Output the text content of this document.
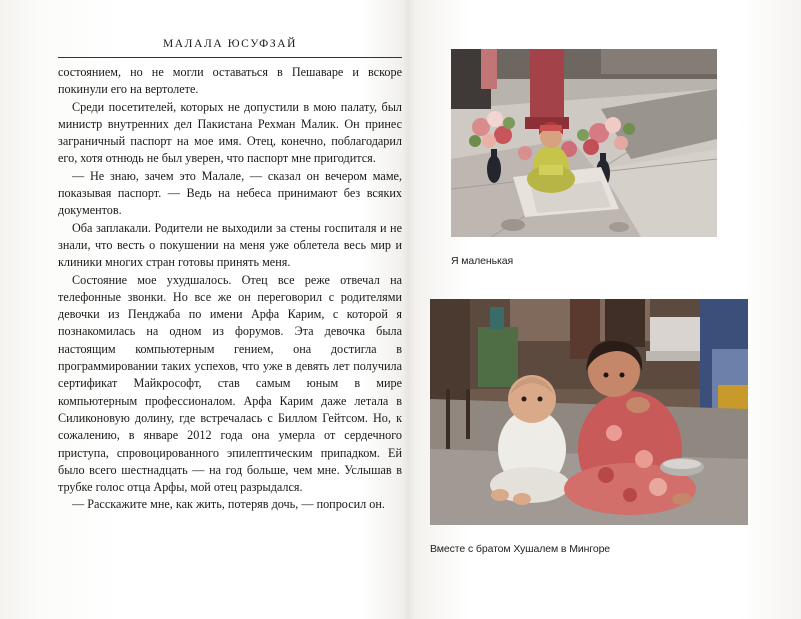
МАЛАЛА ЮСУФЗАЙ

состоянием, но не могли оставаться в Пешаваре и вскоре покинули его на вертолете.

Среди посетителей, которых не допустили в мою палату, был министр внутренних дел Пакистана Рехман Малик. Он принес заграничный паспорт на мое имя. Отец, конечно, поблагодарил его, хотя отнюдь не был уверен, что паспорт мне пригодится.

— Не знаю, зачем это Малале, — сказал он вечером маме, показывая паспорт. — Ведь на небеса принимают без всяких документов.

Оба заплакали. Родители не выходили за стены госпиталя и не знали, что весть о покушении на меня уже облетела весь мир и клиники многих стран готовы принять меня.

Состояние мое ухудшалось. Отец все реже отвечал на телефонные звонки. Но все же он переговорил с родителями девочки из Пенджаба по имени Арфа Карим, с которой я познакомилась на одном из форумов. Эта девочка была настоящим компьютерным гением, она достигла в программировании таких успехов, что уже в девять лет получила сертификат Майкрософт, став самым юным в мире компьютерным профессионалом. Арфа Карим даже летала в Силиконовую долину, где встречалась с Биллом Гейтсом. Но, к сожалению, в январе 2012 года она умерла от сердечного приступа, спровоцированного эпилептическим припадком. Ей было всего шестнадцать — на год больше, чем мне. Услышав в трубке голос отца Арфы, мой отец разрыдался.

— Расскажите мне, как жить, потеряв дочь, — попросил он.

Я маленькая
Вместе с братом Хушалем в Мингоре
